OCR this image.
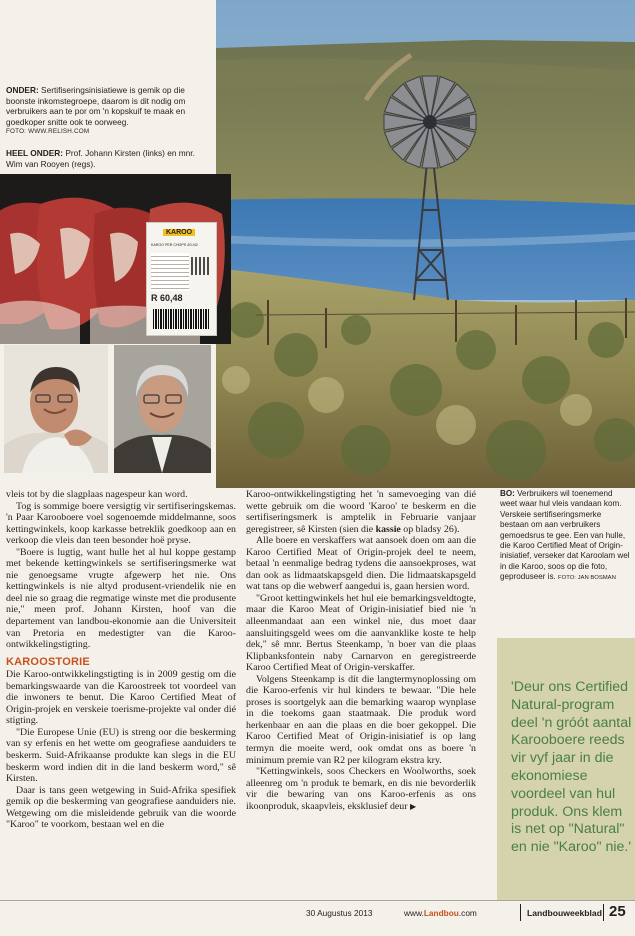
KAROO
KAROO PER CHOPS 4G-N2
R 60,48
ONDER: Sertifiseringsinisiatiewe is gemik op die boonste inkomstegroepe, daarom is dit nodig om verbruikers aan te por om 'n kopskuif te maak en goedkoper snitte ook te oorweeg.
FOTO: WWW.RELISH.COM
HEEL ONDER: Prof. Johann Kirsten (links) en mnr. Wim van Rooyen (regs).

vleis tot by die slagplaas nagespeur kan word.

Tog is sommige boere versigtig vir sertifiseringskemas. 'n Paar Karooboere voel sogenoemde middelmanne, soos kettingwinkels, koop karkasse betreklik goedkoop aan en verkoop die vleis dan teen besonder hoë pryse.

"Boere is lugtig, want hulle het al hul koppe gestamp met bekende kettingwinkels se sertifiseringsmerke wat nie genoegsame vrugte afgewerp het nie. Ons kettingwinkels is nie altyd produsent-vriendelik nie en deel nie so graag die regmatige winste met die produsente nie," meen prof. Johann Kirsten, hoof van die departement van landbou-ekonomie aan die Universiteit van Pretoria en medestigter van die Karoo-ontwikkelingstigting.

KAROOSTORIE

Die Karoo-ontwikkelingstigting is in 2009 gestig om die bemarkingswaarde van die Karoostreek tot voordeel van die inwoners te benut. Die Karoo Certified Meat of Origin-projek en verskeie toerisme-projekte val onder dié stigting.

"Die Europese Unie (EU) is streng oor die beskerming van sy erfenis en het wette om geografiese aanduiders te beskerm. Suid-Afrikaanse produkte kan slegs in die EU beskerm word indien dit in die land beskerm word," sê Kirsten.

Daar is tans geen wetgewing in Suid-Afrika spesifiek gemik op die beskerming van geografiese aanduiders nie. Wetgewing om die misleidende gebruik van die woorde "Karoo" te voorkom, bestaan wel en die

Karoo-ontwikkelingstigting het 'n samevoeging van dié wette gebruik om die woord 'Karoo' te beskerm en die sertifiseringsmerk is amptelik in Februarie vanjaar geregistreer, sê Kirsten (sien die kassie op bladsy 26).

Alle boere en verskaffers wat aansoek doen om aan die Karoo Certified Meat of Origin-projek deel te neem, betaal 'n eenmalige bedrag tydens die aansoekproses, wat dan ook as lidmaatskapsgeld dien. Die lidmaatskapsgeld wat tans op die webwerf aangedui is, gaan hersien word.

"Groot kettingwinkels het hul eie bemarkingsveldtogte, maar die Karoo Meat of Origin-inisiatief bied nie 'n alleenmandaat aan een winkel nie, dus moet daar aansluitingsgeld wees om die aanvanklike koste te help dek," sê mnr. Bertus Steenkamp, 'n boer van die plaas Klipbanksfontein naby Carnarvon en geregistreerde Karoo Certified Meat of Origin-verskaffer.

Volgens Steenkamp is dít die langtermynoplossing om die Karoo-erfenis vir hul kinders te bewaar. "Die hele proses is soortgelyk aan die bemarking waarop wynplase in die toekoms gaan staatmaak. Die produk word herkenbaar en aan die plaas en die boer gekoppel. Die Karoo Certified Meat of Origin-inisiatief is op lang termyn die moeite werd, ook omdat ons as boere 'n minimum premie van R2 per kilogram ekstra kry.

"Kettingwinkels, soos Checkers en Woolworths, soek alleenreg om 'n produk te bemark, en dis nie bevorderlik vir die bewaring van ons Karoo-erfenis as ons ikoonproduk, skaapvleis, eksklusief deur ▶

BO: Verbruikers wil toenemend weet waar hul vleis vandaan kom. Verskeie sertifiseringsmerke bestaan om aan verbruikers gemoedsrus te gee. Een van hulle, die Karoo Certified Meat of Origin-inisiatief, verseker dat Karoolam wel in die Karoo, soos op die foto, geproduseer is. FOTO: JAN BOSMAN
'Deur ons Certified Natural-program deel 'n gróót aantal Karooboere reeds vir vyf jaar in die ekonomiese voordeel van hul produk. Ons klem is net op "Natural" en nie "Karoo" nie.'
30 Augustus 2013	www.Landbou.com	Landbouweekblad 25
